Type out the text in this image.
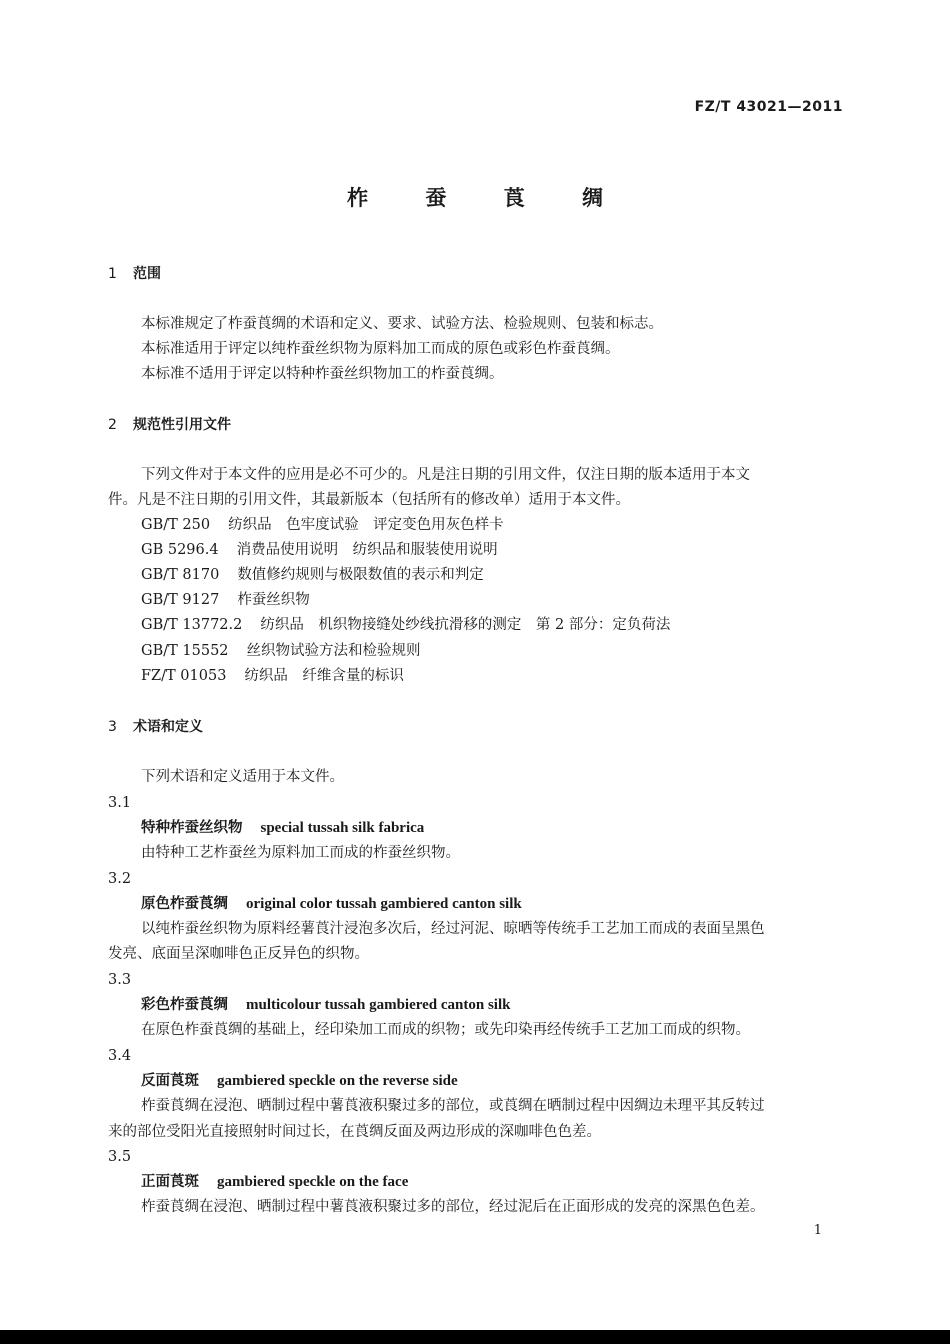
FZ/T 43021—2011
柞 蚕 莨 绸
1 范围
本标准规定了柞蚕莨绸的术语和定义、要求、试验方法、检验规则、包装和标志。
本标准适用于评定以纯柞蚕丝织物为原料加工而成的原色或彩色柞蚕莨绸。
本标准不适用于评定以特种柞蚕丝织物加工的柞蚕莨绸。
2 规范性引用文件
下列文件对于本文件的应用是必不可少的。凡是注日期的引用文件，仅注日期的版本适用于本文
件。凡是不注日期的引用文件，其最新版本（包括所有的修改单）适用于本文件。
GB/T 250 纺织品　色牢度试验　评定变色用灰色样卡
GB 5296.4 消费品使用说明　纺织品和服装使用说明
GB/T 8170 数值修约规则与极限数值的表示和判定
GB/T 9127 柞蚕丝织物
GB/T 13772.2 纺织品　机织物接缝处纱线抗滑移的测定　第 2 部分：定负荷法
GB/T 15552 丝织物试验方法和检验规则
FZ/T 01053 纺织品　纤维含量的标识
3 术语和定义
下列术语和定义适用于本文件。
3.1
特种柞蚕丝织物 special tussah silk fabrica
由特种工艺柞蚕丝为原料加工而成的柞蚕丝织物。
3.2
原色柞蚕莨绸 original color tussah gambiered canton silk
以纯柞蚕丝织物为原料经薯莨汁浸泡多次后，经过河泥、晾晒等传统手工艺加工而成的表面呈黑色
发亮、底面呈深咖啡色正反异色的织物。
3.3
彩色柞蚕莨绸 multicolour tussah gambiered canton silk
在原色柞蚕莨绸的基础上，经印染加工而成的织物；或先印染再经传统手工艺加工而成的织物。
3.4
反面莨斑 gambiered speckle on the reverse side
柞蚕莨绸在浸泡、晒制过程中薯莨液积聚过多的部位，或莨绸在晒制过程中因绸边未理平其反转过
来的部位受阳光直接照射时间过长，在莨绸反面及两边形成的深咖啡色色差。
3.5
正面莨斑 gambiered speckle on the face
柞蚕莨绸在浸泡、晒制过程中薯莨液积聚过多的部位，经过泥后在正面形成的发亮的深黑色色差。
1
